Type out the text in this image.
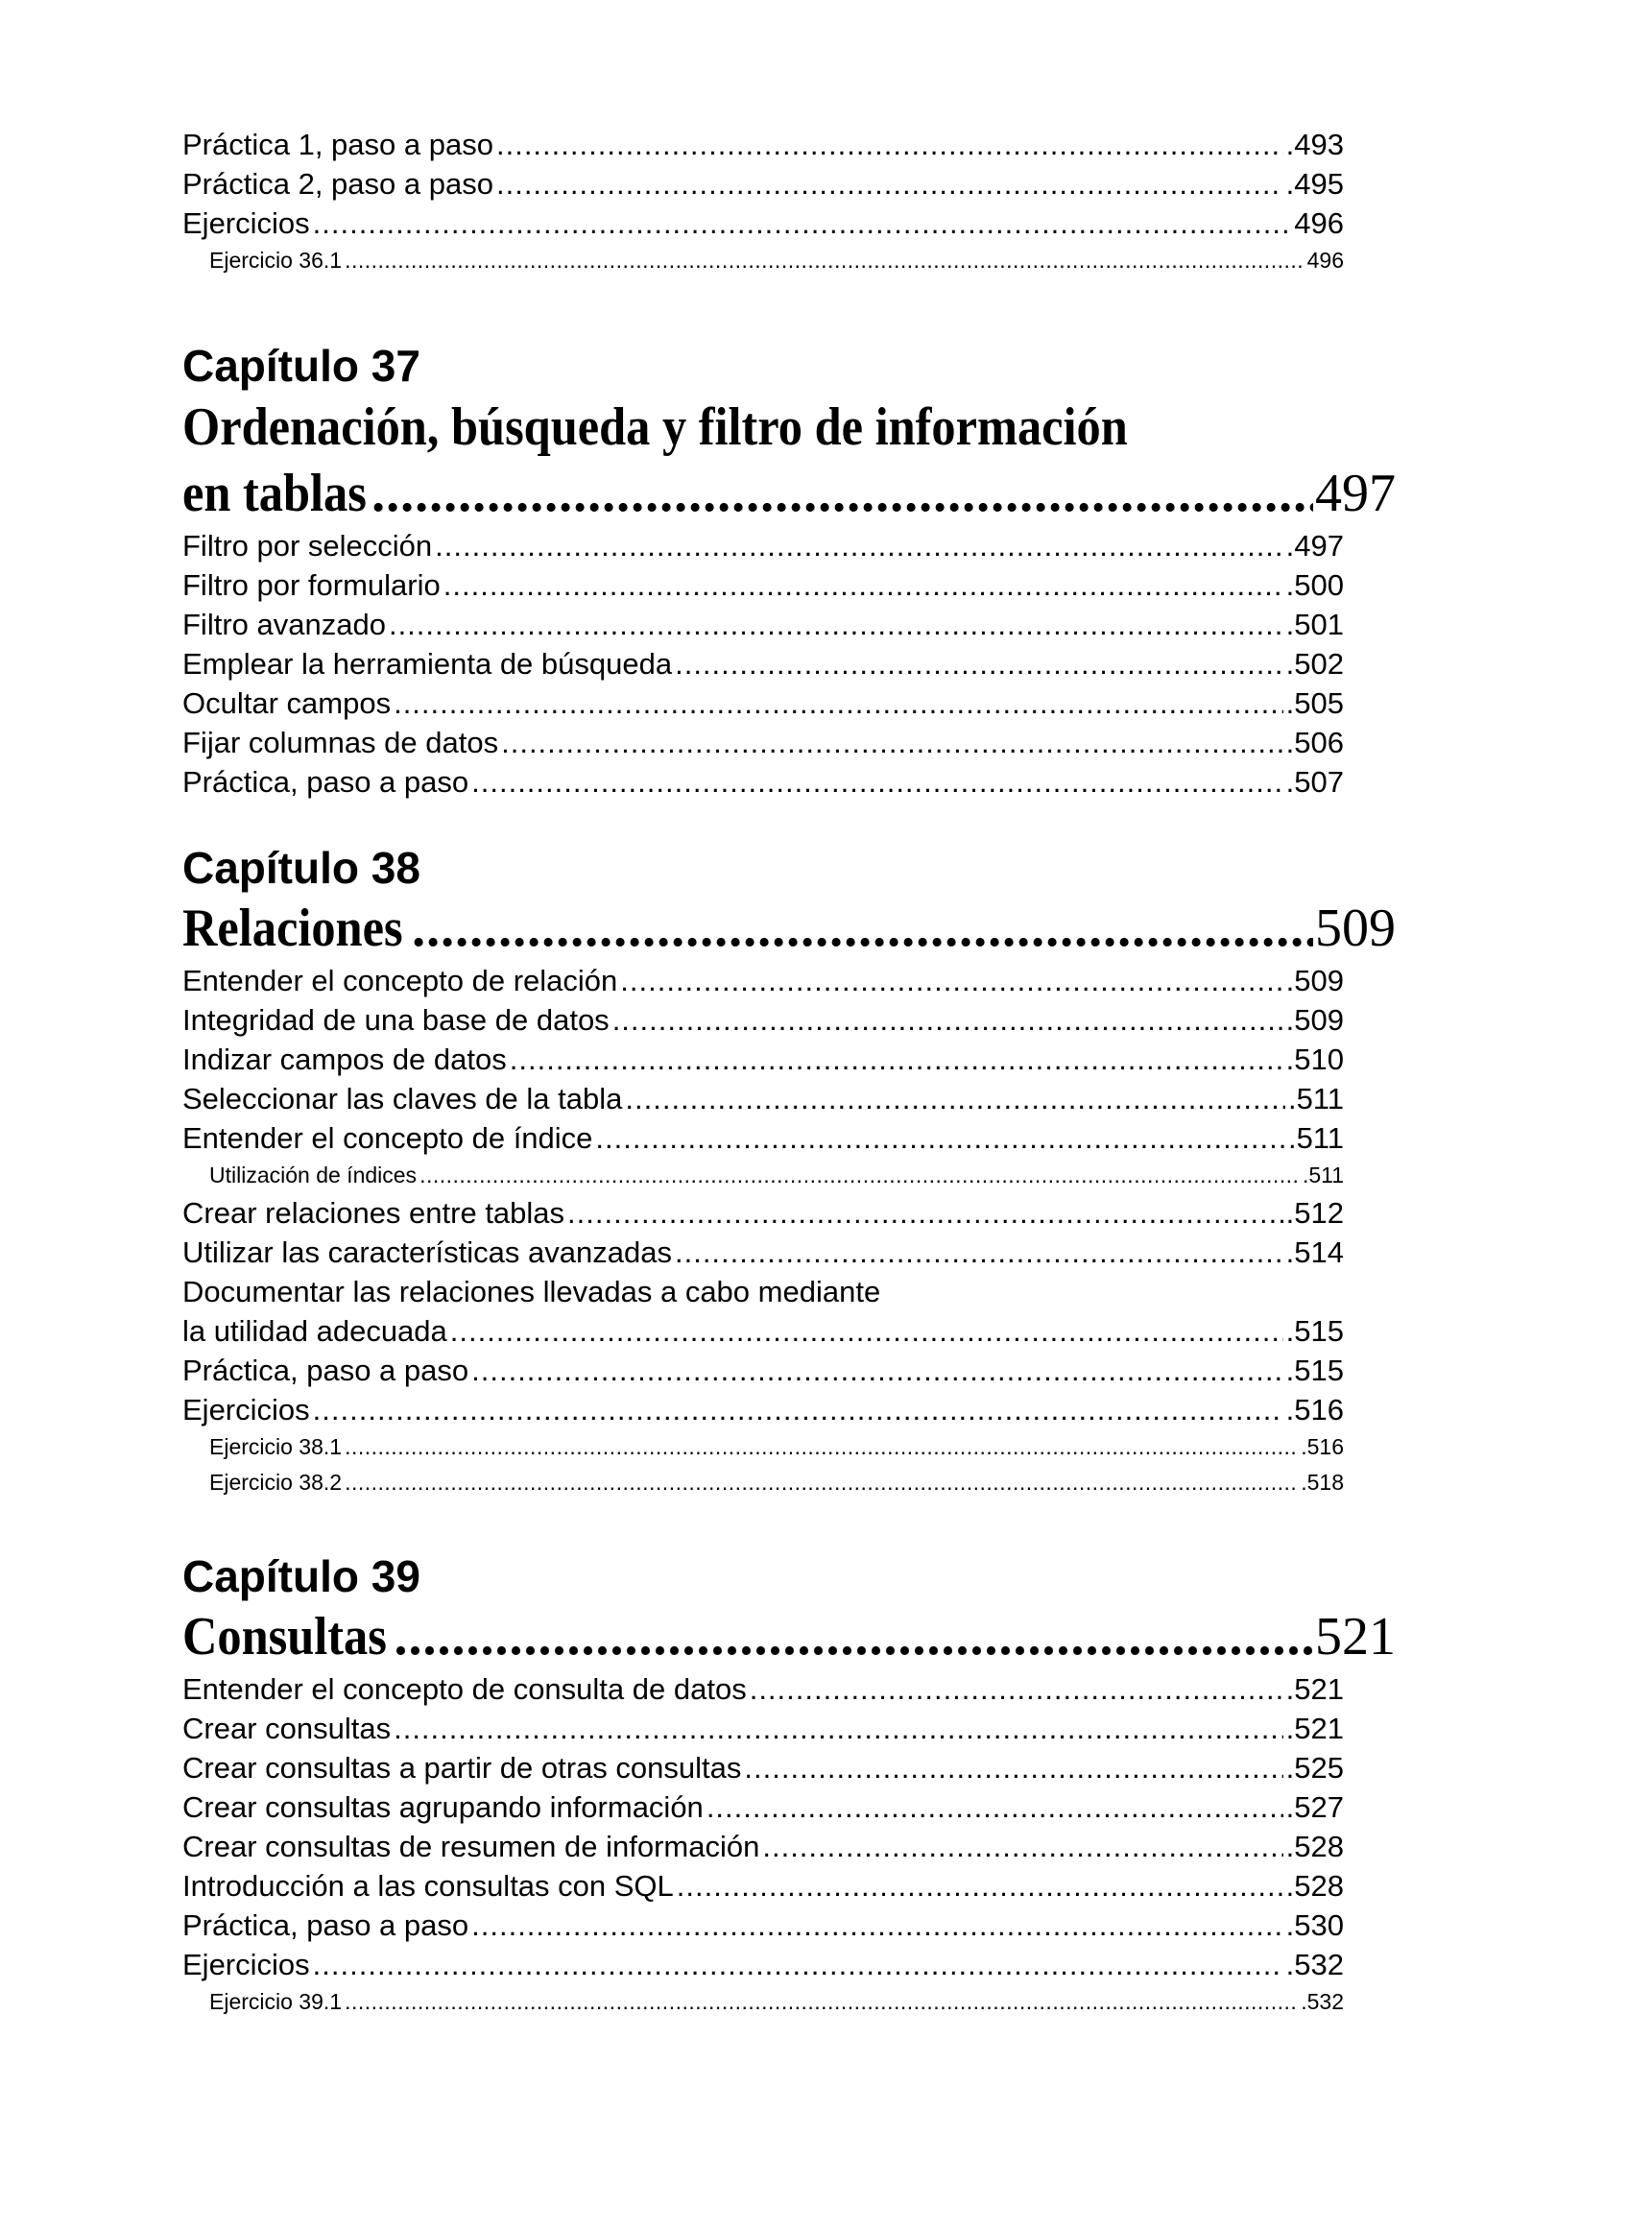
Práctica 1, paso a paso .....	.493
Práctica 2, paso a paso .....	.495
Ejercicios .....	496
Ejercicio 36.1 .....	496
Capítulo 37
Ordenación, búsqueda y filtro de información
en tablas .....	497
Filtro por selección .....	.497
Filtro por formulario .....	.500
Filtro avanzado .....	.501
Emplear la herramienta de búsqueda .....	.502
Ocultar campos .....	.505
Fijar columnas de datos .....	.506
Práctica, paso a paso .....	.507
Capítulo 38
Relaciones .....	509
Entender el concepto de relación .....	.509
Integridad de una base de datos .....	.509
Indizar campos de datos .....	.510
Seleccionar las claves de la tabla .....	.511
Entender el concepto de índice .....	.511
Utilización de índices .....	.511
Crear relaciones entre tablas .....	.512
Utilizar las características avanzadas .....	.514
Documentar las relaciones llevadas a cabo mediante
la utilidad adecuada .....	.515
Práctica, paso a paso .....	.515
Ejercicios .....	.516
Ejercicio 38.1 .....	.516
Ejercicio 38.2 .....	.518
Capítulo 39
Consultas .....	521
Entender el concepto de consulta de datos .....	.521
Crear consultas .....	.521
Crear consultas a partir de otras consultas .....	.525
Crear consultas agrupando información .....	.527
Crear consultas de resumen de información .....	.528
Introducción a las consultas con SQL .....	.528
Práctica, paso a paso .....	.530
Ejercicios .....	.532
Ejercicio 39.1 .....	.532
